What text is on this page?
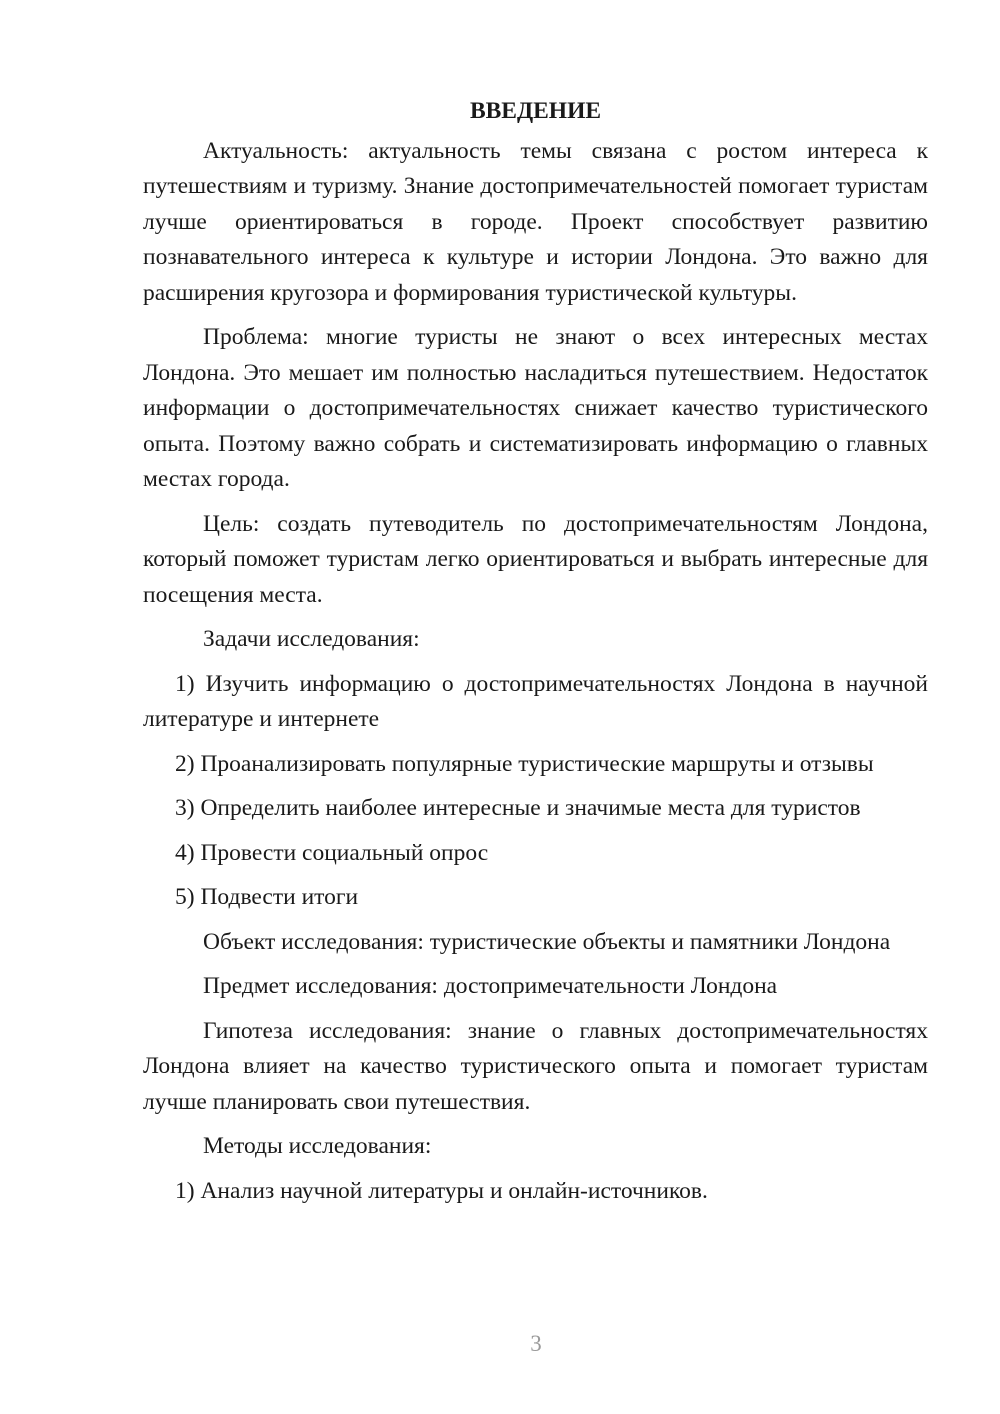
ВВЕДЕНИЕ

Актуальность: актуальность темы связана с ростом интереса к путешествиям и туризму. Знание достопримечательностей помогает туристам лучше ориентироваться в городе. Проект способствует развитию познавательного интереса к культуре и истории Лондона. Это важно для расширения кругозора и формирования туристической культуры.

Проблема: многие туристы не знают о всех интересных местах Лондона. Это мешает им полностью насладиться путешествием. Недостаток информации о достопримечательностях снижает качество туристического опыта. Поэтому важно собрать и систематизировать информацию о главных местах города.

Цель: создать путеводитель по достопримечательностям Лондона, который поможет туристам легко ориентироваться и выбрать интересные для посещения места.

Задачи исследования:

1) Изучить информацию о достопримечательностях Лондона в научной литературе и интернете

2) Проанализировать популярные туристические маршруты и отзывы

3) Определить наиболее интересные и значимые места для туристов

4) Провести социальный опрос

5) Подвести итоги

Объект исследования: туристические объекты и памятники Лондона

Предмет исследования: достопримечательности Лондона

Гипотеза исследования: знание о главных достопримечательностях Лондона влияет на качество туристического опыта и помогает туристам лучше планировать свои путешествия.

Методы исследования:

1) Анализ научной литературы и онлайн-источников.

3
